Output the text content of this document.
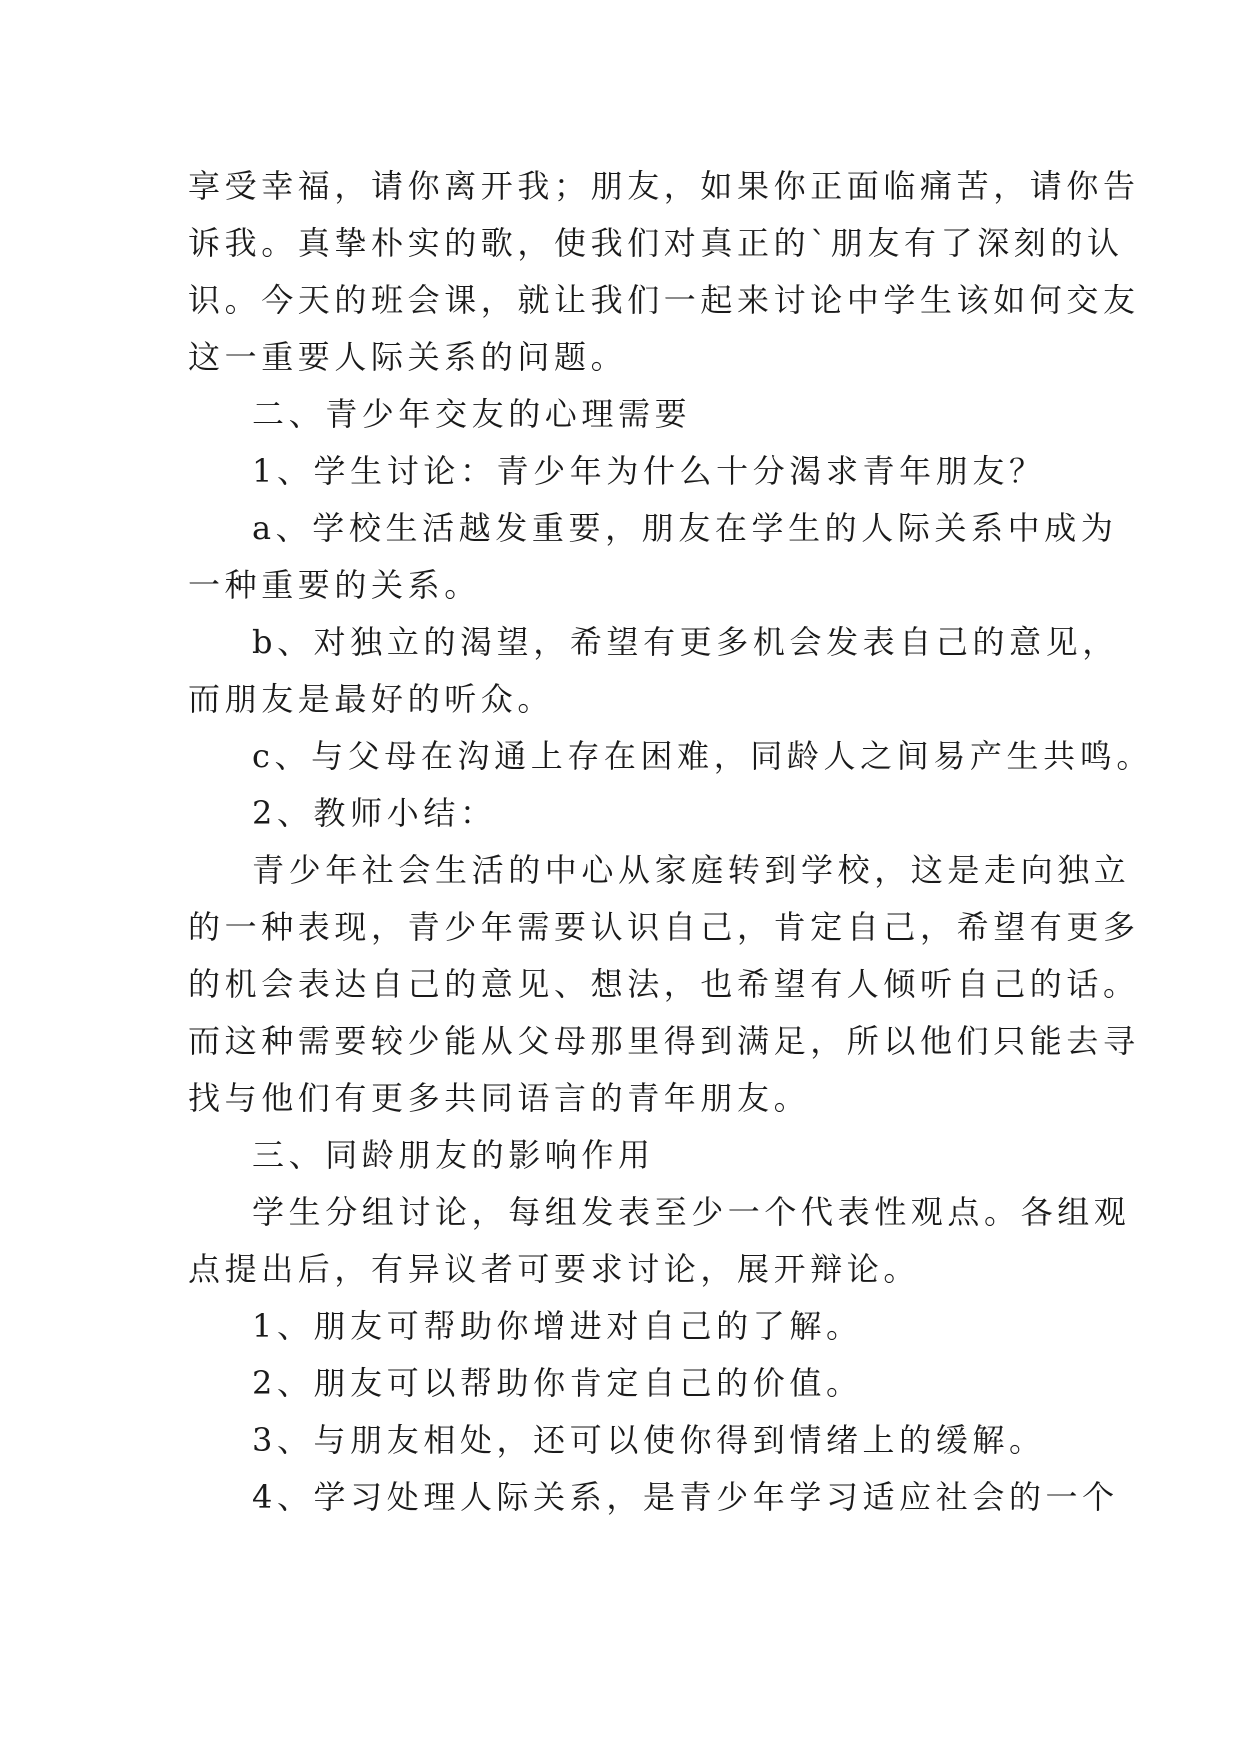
享受幸福，请你离开我；朋友，如果你正面临痛苦，请你告
诉我。真挚朴实的歌，使我们对真正的`朋友有了深刻的认
识。今天的班会课，就让我们一起来讨论中学生该如何交友
这一重要人际关系的问题。
二、青少年交友的心理需要
1、学生讨论：青少年为什么十分渴求青年朋友？
a、学校生活越发重要，朋友在学生的人际关系中成为
一种重要的关系。
b、对独立的渴望，希望有更多机会发表自己的意见，
而朋友是最好的听众。
c、与父母在沟通上存在困难，同龄人之间易产生共鸣。
2、教师小结：
青少年社会生活的中心从家庭转到学校，这是走向独立
的一种表现，青少年需要认识自己，肯定自己，希望有更多
的机会表达自己的意见、想法，也希望有人倾听自己的话。
而这种需要较少能从父母那里得到满足，所以他们只能去寻
找与他们有更多共同语言的青年朋友。
三、同龄朋友的影响作用
学生分组讨论，每组发表至少一个代表性观点。各组观
点提出后，有异议者可要求讨论，展开辩论。
1、朋友可帮助你增进对自己的了解。
2、朋友可以帮助你肯定自己的价值。
3、与朋友相处，还可以使你得到情绪上的缓解。
4、学习处理人际关系，是青少年学习适应社会的一个
